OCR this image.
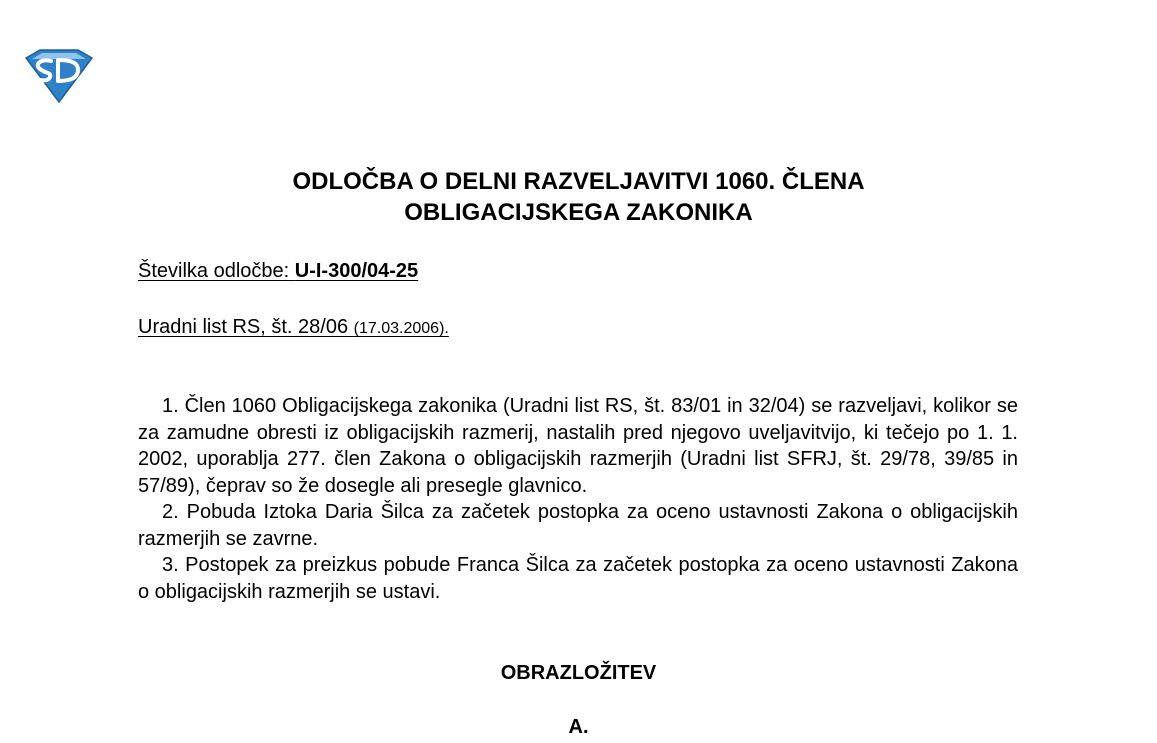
ODLOČBA O DELNI RAZVELJAVITVI 1060. ČLENA
OBLIGACIJSKEGA ZAKONIKA
Številka odločbe: U-I-300/04-25
Uradni list RS, št. 28/06 (17.03.2006).

1. Člen 1060 Obligacijskega zakonika (Uradni list RS, št. 83/01 in 32/04) se razveljavi, kolikor se za zamudne obresti iz obligacijskih razmerij, nastalih pred njegovo uveljavitvijo, ki tečejo po 1. 1. 2002, uporablja 277. člen Zakona o obligacijskih razmerjih (Uradni list SFRJ, št. 29/78, 39/85 in 57/89), čeprav so že dosegle ali presegle glavnico.

2. Pobuda Iztoka Daria Šilca za začetek postopka za oceno ustavnosti Zakona o obligacijskih razmerjih se zavrne.

3. Postopek za preizkus pobude Franca Šilca za začetek postopka za oceno ustavnosti Zakona o obligacijskih razmerjih se ustavi.

OBRAZLOŽITEV
A.
